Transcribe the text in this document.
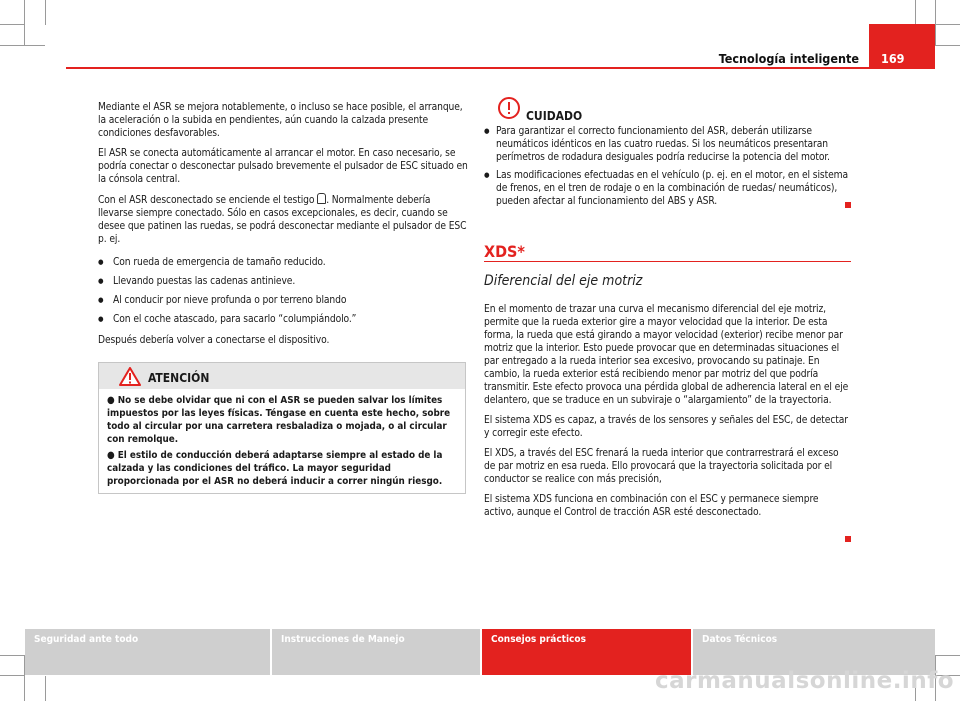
Tecnología inteligente 169

Mediante el ASR se mejora notablemente, o incluso se hace posible, el arranque, la aceleración o la subida en pendientes, aún cuando la calzada presente condiciones desfavorables.

El ASR se conecta automáticamente al arrancar el motor. En caso necesario, se podría conectar o desconectar pulsado brevemente el pulsador de ESC situado en la cónsola central.

Con el ASR desconectado se enciende el testigo . Normalmente debería llevarse siempre conectado. Sólo en casos excepcionales, es decir, cuando se desee que patinen las ruedas, se podrá desconectar mediante el pulsador de ESC p. ej.

● Con rueda de emergencia de tamaño reducido.
● Llevando puestas las cadenas antinieve.
● Al conducir por nieve profunda o por terreno blando
● Con el coche atascado, para sacarlo “columpiándolo.”

Después debería volver a conectarse el dispositivo.

ATENCIÓN
● No se debe olvidar que ni con el ASR se pueden salvar los límites impuestos por las leyes físicas. Téngase en cuenta este hecho, sobre todo al circular por una carretera resbaladiza o mojada, o al circular con remolque.
● El estilo de conducción deberá adaptarse siempre al estado de la calzada y las condiciones del tráfico. La mayor seguridad proporcionada por el ASR no deberá inducir a correr ningún riesgo.
CUIDADO
● Para garantizar el correcto funcionamiento del ASR, deberán utilizarse neumáticos idénticos en las cuatro ruedas. Si los neumáticos presentaran perímetros de rodadura desiguales podría reducirse la potencia del motor.
● Las modificaciones efectuadas en el vehículo (p. ej. en el motor, en el sistema de frenos, en el tren de rodaje o en la combinación de ruedas/ neumáticos), pueden afectar al funcionamiento del ABS y ASR.
XDS*
Diferencial del eje motriz

En el momento de trazar una curva el mecanismo diferencial del eje motriz, permite que la rueda exterior gire a mayor velocidad que la interior. De esta forma, la rueda que está girando a mayor velocidad (exterior) recibe menor par motriz que la interior. Esto puede provocar que en determinadas situaciones el par entregado a la rueda interior sea excesivo, provocando su patinaje. En cambio, la rueda exterior está recibiendo menor par motriz del que podría transmitir. Este efecto provoca una pérdida global de adherencia lateral en el eje delantero, que se traduce en un subviraje o “alargamiento” de la trayectoria.

El sistema XDS es capaz, a través de los sensores y señales del ESC, de detectar y corregir este efecto.

El XDS, a través del ESC frenará la rueda interior que contrarrestrará el exceso de par motriz en esa rueda. Ello provocará que la trayectoria solicitada por el conductor se realice con más precisión,

El sistema XDS funciona en combinación con el ESC y permanece siempre activo, aunque el Control de tracción ASR esté desconectado.

Seguridad ante todo	Instrucciones de Manejo	Consejos prácticos	Datos Técnicos
carmanualsonline.info
